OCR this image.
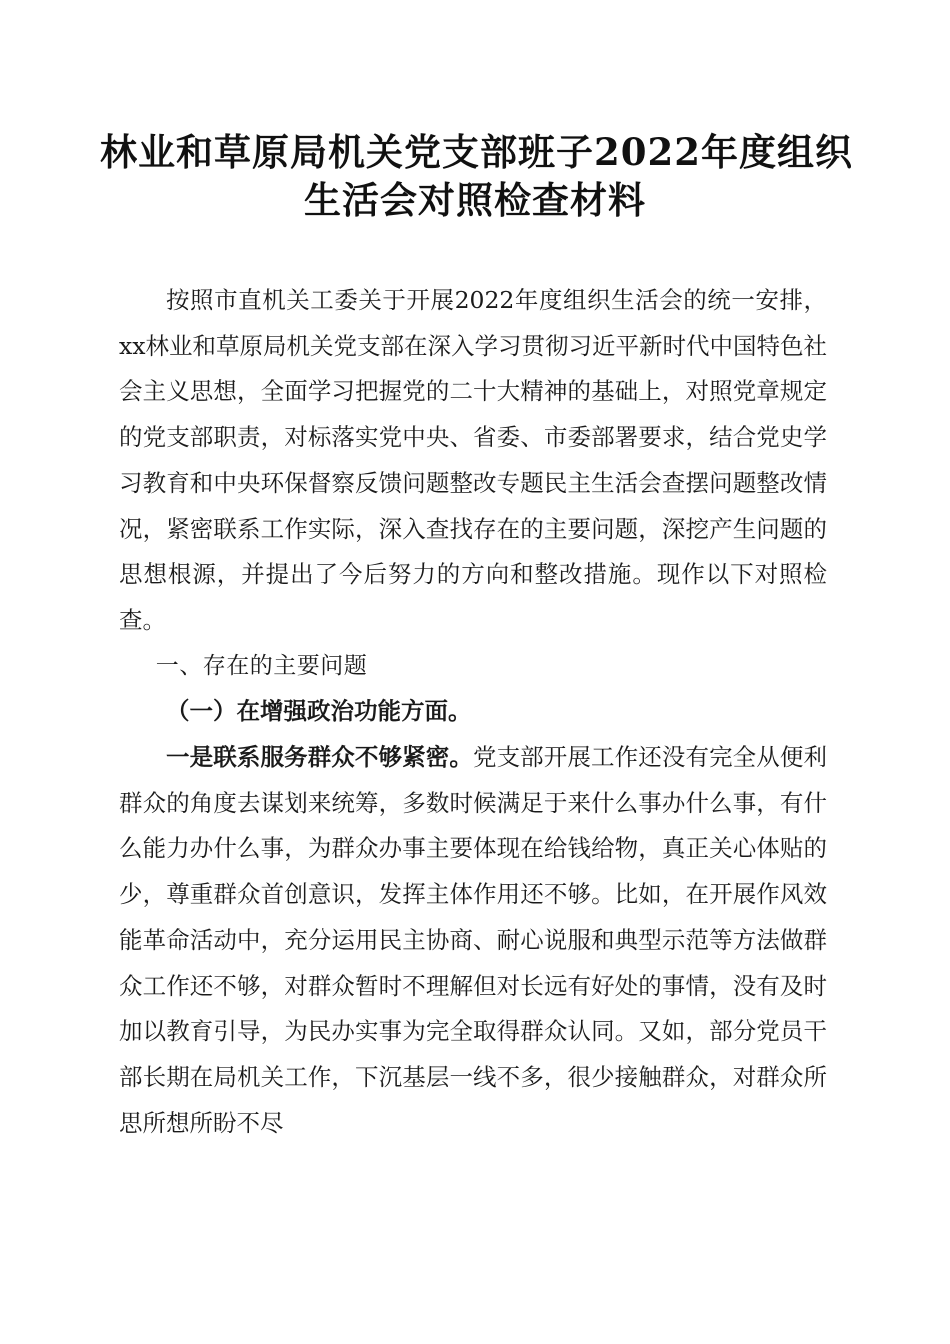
林业和草原局机关党支部班子2022年度组织
生活会对照检查材料

按照市直机关工委关于开展2022年度组织生活会的统一安排，xx林业和草原局机关党支部在深入学习贯彻习近平新时代中国特色社会主义思想，全面学习把握党的二十大精神的基础上，对照党章规定的党支部职责，对标落实党中央、省委、市委部署要求，结合党史学习教育和中央环保督察反馈问题整改专题民主生活会查摆问题整改情况，紧密联系工作实际，深入查找存在的主要问题，深挖产生问题的思想根源，并提出了今后努力的方向和整改措施。现作以下对照检查。

一、存在的主要问题

（一）在增强政治功能方面。

一是联系服务群众不够紧密。党支部开展工作还没有完全从便利群众的角度去谋划来统筹，多数时候满足于来什么事办什么事，有什么能力办什么事，为群众办事主要体现在给钱给物，真正关心体贴的少，尊重群众首创意识，发挥主体作用还不够。比如，在开展作风效能革命活动中，充分运用民主协商、耐心说服和典型示范等方法做群众工作还不够，对群众暂时不理解但对长远有好处的事情，没有及时加以教育引导，为民办实事为完全取得群众认同。又如，部分党员干部长期在局机关工作，下沉基层一线不多，很少接触群众，对群众所思所想所盼不尽
